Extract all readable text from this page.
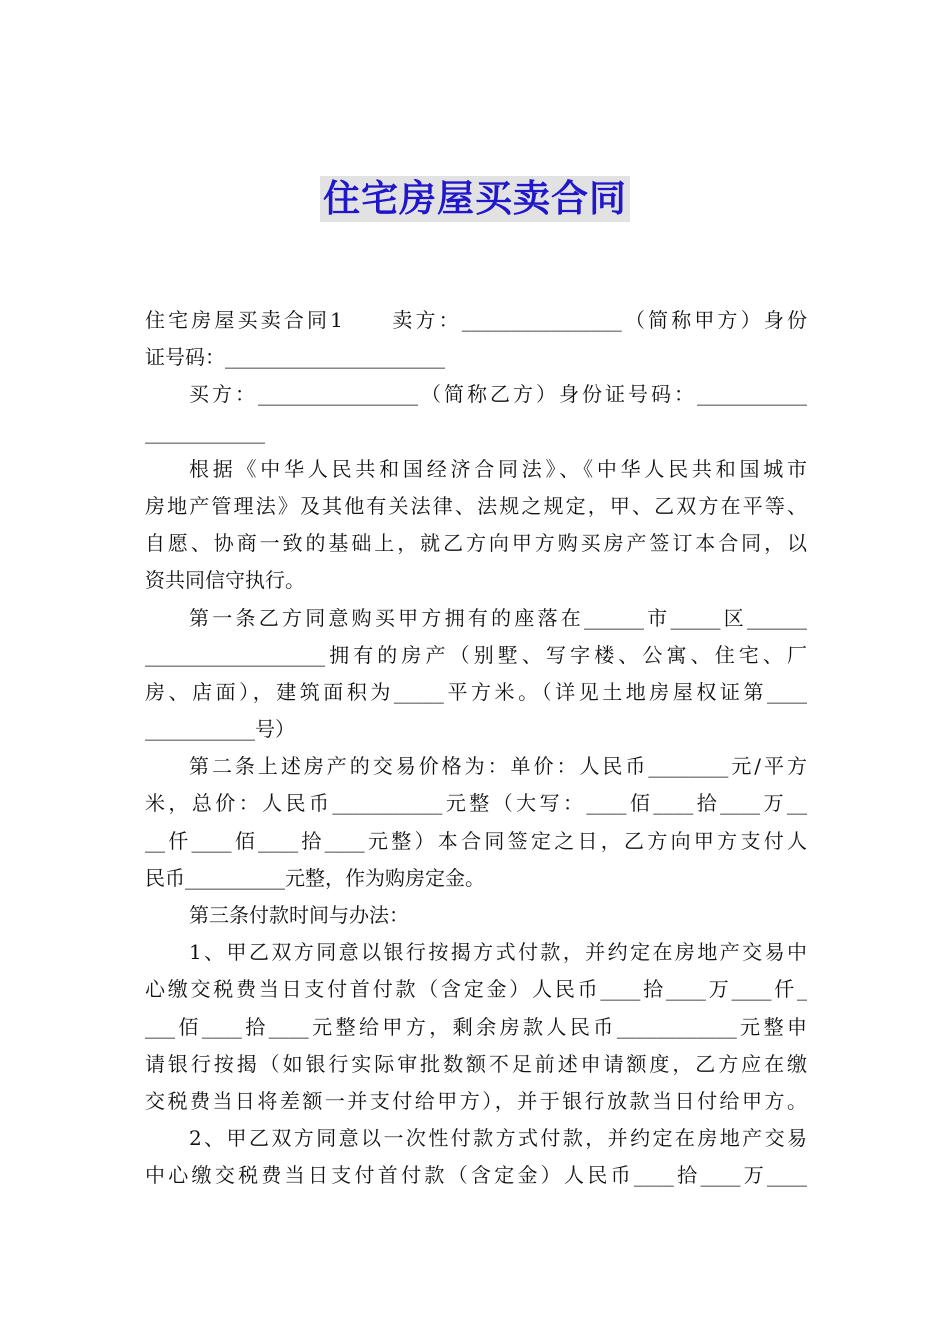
住宅房屋买卖合同
住宅房屋买卖合同1　　卖方：________________（简称甲方）身份
证号码：______________________
买方：________________（简称乙方）身份证号码：___________
____________
根据《中华人民共和国经济合同法》、《中华人民共和国城市
房地产管理法》及其他有关法律、法规之规定，甲、乙双方在平等、
自愿、协商一致的基础上，就乙方向甲方购买房产签订本合同，以
资共同信守执行。
第一条乙方同意购买甲方拥有的座落在______市_____区______
__________________拥有的房产（别墅、写字楼、公寓、住宅、厂
房、店面），建筑面积为_____平方米。（详见土地房屋权证第____
___________号）
第二条上述房产的交易价格为：单价：人民币________元/平方
米，总价：人民币___________元整（大写：____佰____拾____万__
__仟____佰____拾____元整）本合同签定之日，乙方向甲方支付人
民币__________元整，作为购房定金。
第三条付款时间与办法：
1、甲乙双方同意以银行按揭方式付款，并约定在房地产交易中
心缴交税费当日支付首付款（含定金）人民币____拾____万____仟_
___佰____拾____元整给甲方，剩余房款人民币____________元整申
请银行按揭（如银行实际审批数额不足前述申请额度，乙方应在缴
交税费当日将差额一并支付给甲方），并于银行放款当日付给甲方。
2、甲乙双方同意以一次性付款方式付款，并约定在房地产交易
中心缴交税费当日支付首付款（含定金）人民币____拾____万____
